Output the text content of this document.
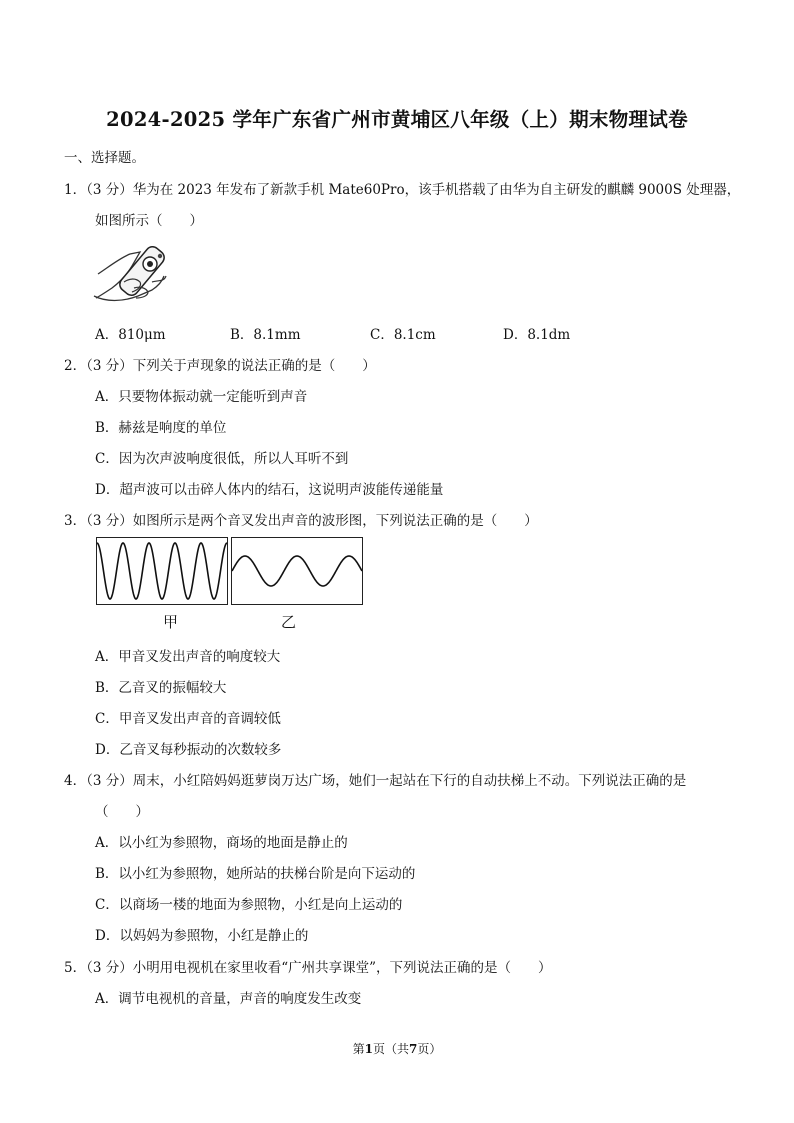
2024-2025 学年广东省广州市黄埔区八年级（上）期末物理试卷
一、选择题。
1．（3 分）华为在 2023 年发布了新款手机 Mate60Pro，该手机搭载了由华为自主研发的麒麟 9000S 处理器，
如图所示（　　）
A．810μm	B．8.1mm	C．8.1cm	D．8.1dm
2．（3 分）下列关于声现象的说法正确的是（　　）
A．只要物体振动就一定能听到声音
B．赫兹是响度的单位
C．因为次声波响度很低，所以人耳听不到
D．超声波可以击碎人体内的结石，这说明声波能传递能量
3．（3 分）如图所示是两个音叉发出声音的波形图，下列说法正确的是（　　）
甲	乙
A．甲音叉发出声音的响度较大
B．乙音叉的振幅较大
C．甲音叉发出声音的音调较低
D．乙音叉每秒振动的次数较多
4．（3 分）周末，小红陪妈妈逛萝岗万达广场，她们一起站在下行的自动扶梯上不动。下列说法正确的是
（　　）
A．以小红为参照物，商场的地面是静止的
B．以小红为参照物，她所站的扶梯台阶是向下运动的
C．以商场一楼的地面为参照物，小红是向上运动的
D．以妈妈为参照物，小红是静止的
5．（3 分）小明用电视机在家里收看“广州共享课堂”，下列说法正确的是（　　）
A．调节电视机的音量，声音的响度发生改变
第1页（共7页）
